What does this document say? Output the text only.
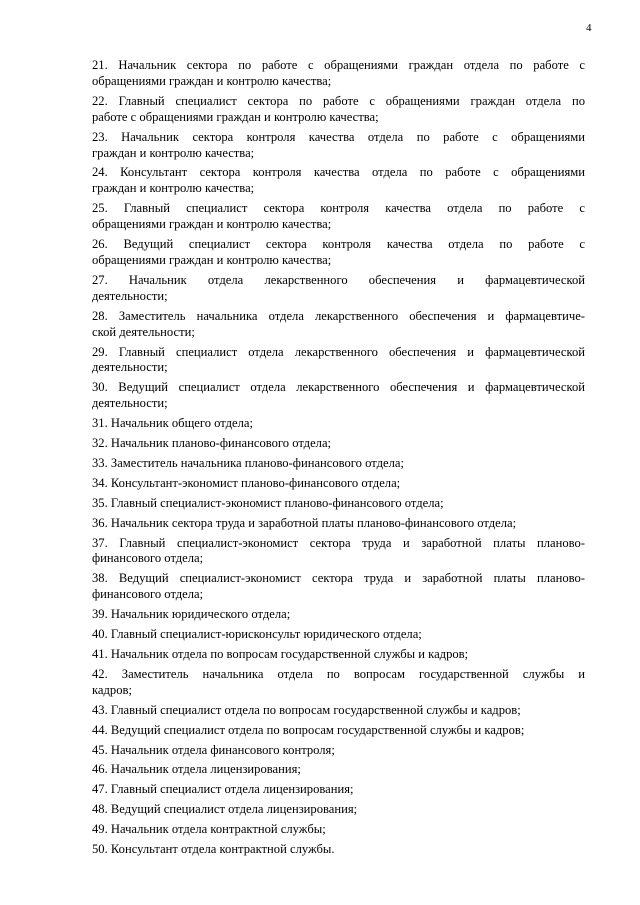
4
21. Начальник сектора по работе с обращениями граждан отдела по работе с
обращениями граждан и контролю качества;
22. Главный специалист сектора по работе с обращениями граждан отдела по
работе с обращениями граждан и контролю качества;
23. Начальник сектора контроля качества отдела по работе с обращениями
граждан и контролю качества;
24. Консультант сектора контроля качества отдела по работе с обращениями
граждан и контролю качества;
25. Главный специалист сектора контроля качества отдела по работе с
обращениями граждан и контролю качества;
26. Ведущий специалист сектора контроля качества отдела по работе с
обращениями граждан и контролю качества;
27. Начальник отдела лекарственного обеспечения и фармацевтической
деятельности;
28. Заместитель начальника отдела лекарственного обеспечения и фармацевтиче-
ской деятельности;
29. Главный специалист отдела лекарственного обеспечения и фармацевтической
деятельности;
30. Ведущий специалист отдела лекарственного обеспечения и фармацевтической
деятельности;
31. Начальник общего отдела;
32. Начальник планово-финансового отдела;
33. Заместитель начальника планово-финансового отдела;
34. Консультант-экономист планово-финансового отдела;
35. Главный специалист-экономист планово-финансового отдела;
36. Начальник сектора труда и заработной платы планово-финансового отдела;
37. Главный специалист-экономист сектора труда и заработной платы планово-
финансового отдела;
38. Ведущий специалист-экономист сектора труда и заработной платы планово-
финансового отдела;
39. Начальник юридического отдела;
40. Главный специалист-юрисконсульт юридического отдела;
41. Начальник отдела по вопросам государственной службы и кадров;
42. Заместитель начальника отдела по вопросам государственной службы и
кадров;
43. Главный специалист отдела по вопросам государственной службы и кадров;
44. Ведущий специалист отдела по вопросам государственной службы и кадров;
45. Начальник отдела финансового контроля;
46. Начальник отдела лицензирования;
47. Главный специалист отдела лицензирования;
48. Ведущий специалист отдела лицензирования;
49. Начальник отдела контрактной службы;
50. Консультант отдела контрактной службы.
